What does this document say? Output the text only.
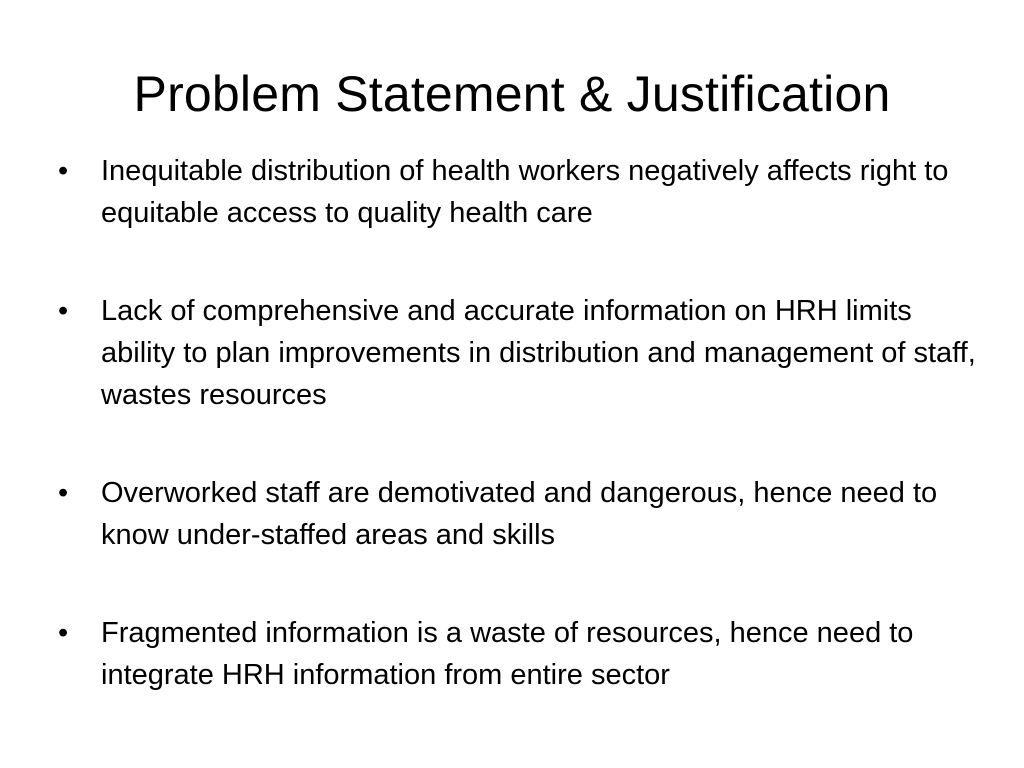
Problem Statement & Justification
•	Inequitable distribution of health workers negatively affects right to equitable access to quality health care
•	Lack of comprehensive and accurate information on HRH limits ability to plan improvements in distribution and management of staff, wastes resources
•	Overworked staff are demotivated and dangerous, hence need to know under-staffed areas and skills
•	Fragmented information is a waste of resources, hence need to integrate HRH information from entire sector
